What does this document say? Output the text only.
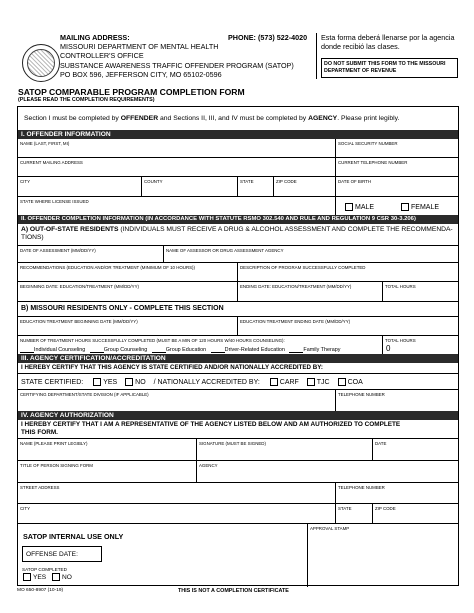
MAILING ADDRESS:
MISSOURI DEPARTMENT OF MENTAL HEALTH
CONTROLLER'S OFFICE
SUBSTANCE AWARENESS TRAFFIC OFFENDER PROGRAM (SATOP)
PO BOX 596, JEFFERSON CITY, MO 65102-0596
PHONE: (573) 522-4020 Esta forma deberá llenarse por la agencia
donde recibió las clases.
DO NOT SUBMIT THIS FORM TO THE MISSOURI
DEPARTMENT OF REVENUE
SATOP COMPARABLE PROGRAM COMPLETION FORM
(PLEASE READ THE COMPLETION REQUIREMENTS)
Section I must be completed by OFFENDER and Sections II, III, and IV must be completed by AGENCY. Please print legibly.
I. OFFENDER INFORMATION
NAME (LAST, FIRST, MI)	SOCIAL SECURITY NUMBER
CURRENT MAILING ADDRESS	CURRENT TELEPHONE NUMBER
CITY	COUNTY	STATE	ZIP CODE	DATE OF BIRTH
STATE WHERE LICENSE ISSUED
MALE	FEMALE
II. OFFENDER COMPLETION INFORMATION (IN ACCORDANCE WITH STATUTE RSMO 302.540 AND RULE AND REGULATION 9 CSR 30-3.206)
A) OUT-OF-STATE RESIDENTS (INDIVIDUALS MUST RECEIVE A DRUG & ALCOHOL ASSESSMENT AND COMPLETE THE RECOMMENDA-
TIONS)
DATE OF ASSESSMENT (MM/DD/YY)	NAME OF ASSESSOR OR DRUG ASSESSMENT AGENCY
RECOMMENDATIONS (EDUCATION AND/OR TREATMENT (MINIMUM OF 10 HOURS))	DESCRIPTION OF PROGRAM SUCCESSFULLY COMPLETED
BEGINNING DATE: EDUCATION/TREATMENT (MM/DD/YY)	ENDING DATE: EDUCATION/TREATMENT (MM/DD/YY)	TOTAL HOURS
B) MISSOURI RESIDENTS ONLY - COMPLETE THIS SECTION
EDUCATION TREATMENT BEGINNING DATE (MM/DD/YY)	EDUCATION TREATMENT ENDING DATE (MM/DD/YY)
NUMBER OF TREATMENT HOURS SUCCESSFULLY COMPLETED (MUST BE A MIN OF 120 HOURS W/40 HOURS COUNSELING):	TOTAL HOURS
0
Individual Counseling	Group Counseling	Group Education	Driver-Related Education	Family Therapy
III. AGENCY CERTIFICATION/ACCREDITATION
I HEREBY CERTIFY THAT THIS AGENCY IS STATE CERTIFIED AND/OR NATIONALLY ACCREDITED BY:
STATE CERTIFIED:	YES	NO / NATIONALLY ACCREDITED BY:	CARF	TJC	COA
CERTIFYING DEPARTMENT/STATE DIVISION (IF APPLICABLE)	TELEPHONE NUMBER
IV. AGENCY AUTHORIZATION
I HEREBY CERTIFY THAT I AM A REPRESENTATIVE OF THE AGENCY LISTED BELOW AND AM AUTHORIZED TO COMPLETE
THIS FORM.
NAME (PLEASE PRINT LEGIBLY)	SIGNATURE (MUST BE SIGNED)	DATE
TITLE OF PERSON SIGNING FORM	AGENCY
STREET ADDRESS	TELEPHONE NUMBER
CITY	STATE	ZIP CODE
SATOP INTERNAL USE ONLY
OFFENSE DATE:
SATOP COMPLETED
YES NO
APPROVAL STAMP
MO 650-8907 (10-19)	THIS IS NOT A COMPLETION CERTIFICATE
